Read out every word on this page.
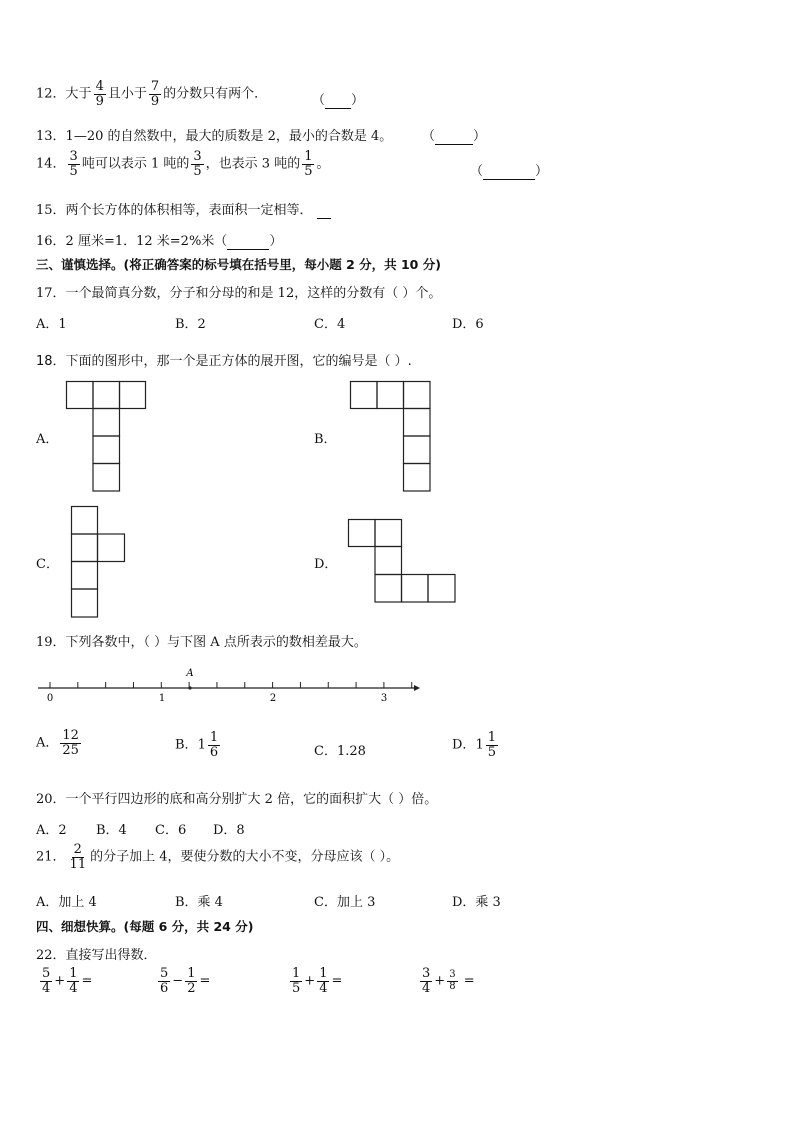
12．大于 $\frac{4}{9}$ 且小于 $\frac{7}{9}$ 的分数只有两个．	（ ）
13．1—20 的自然数中，最大的质数是 2，最小的合数是 4。 （	）
14． $\frac{3}{5}$ 吨可以表示 1 吨的 $\frac{3}{5}$ ，也表示 3 吨的 $\frac{1}{5}$ 。	（	）
15．两个长方体的体积相等，表面积一定相等．
16．2 厘米=1．12 米=2%米（	）
三、谨慎选择。(将正确答案的标号填在括号里，每小题 2 分，共 10 分)
17．一个最简真分数，分子和分母的和是 12，这样的分数有（ ）个。
A．1	B．2	C．4	D．6
18．下面的图形中，那一个是正方体的展开图，它的编号是（ ）.
A．	B．
C．	D．
19．下列各数中，（ ）与下图 A 点所表示的数相差最大。
A
0	1	2	3
A． $\frac{12}{25}$	B．$1 \frac{1}{6}$	C．1.28	D．$1 \frac{1}{5}$
20．一个平行四边形的底和高分别扩大 2 倍，它的面积扩大（ ）倍。
A．2 B．4 C．6 D．8
21． $\frac{2}{11}$ 的分子加上 4，要使分数的大小不变，分母应该（ ）。
A．加上 4	B．乘 4	C．加上 3	D．乘 3
四、细想快算。(每题 6 分，共 24 分)
22．直接写出得数．
$\frac{5}{4} + \frac{1}{4}$ =	$\frac{5}{6} - \frac{1}{2}$ =	$\frac{1}{5} + \frac{1}{4}$ =	$\frac{3}{4} + \frac{3}{8}$ =
